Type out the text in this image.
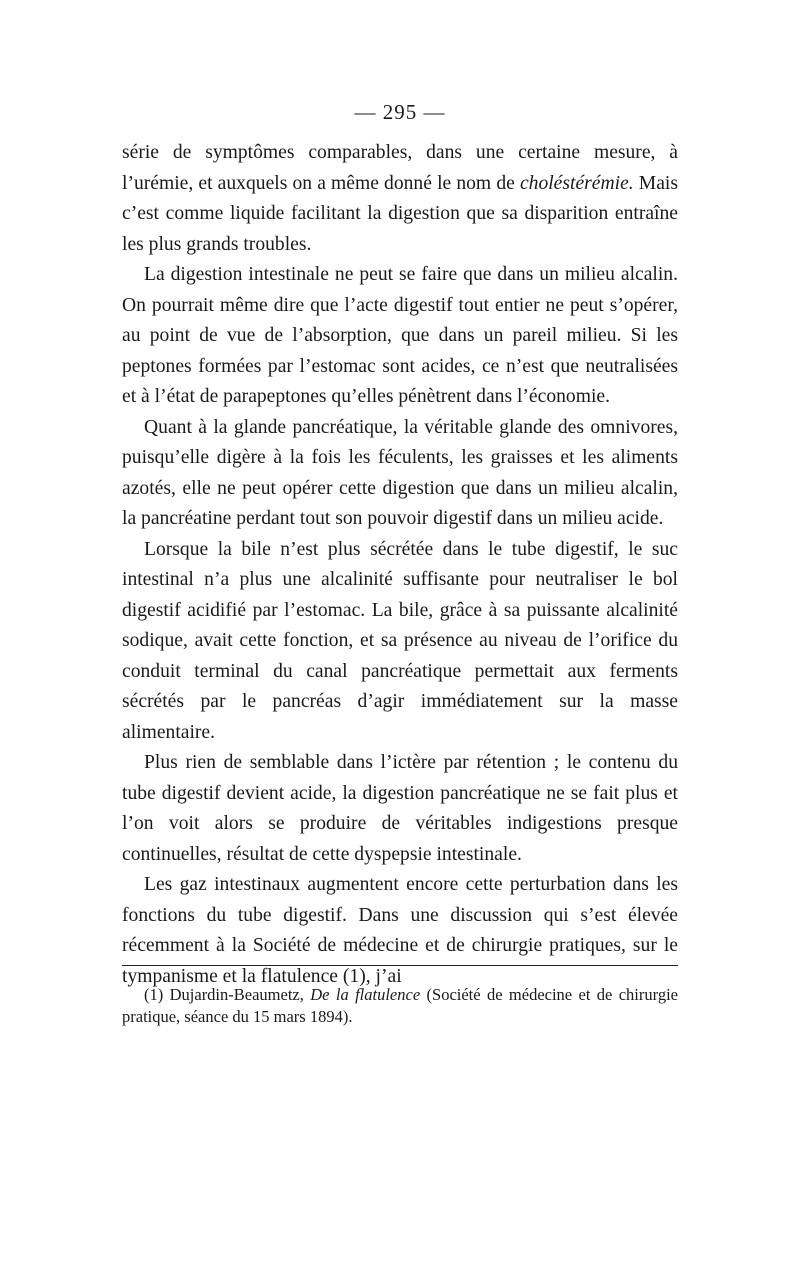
— 295 —

série de symptômes comparables, dans une certaine mesure, à l’urémie, et auxquels on a même donné le nom de choléstérémie. Mais c’est comme liquide facilitant la digestion que sa disparition entraîne les plus grands troubles.

La digestion intestinale ne peut se faire que dans un milieu alcalin. On pourrait même dire que l’acte digestif tout entier ne peut s’opérer, au point de vue de l’absorption, que dans un pareil milieu. Si les peptones formées par l’estomac sont acides, ce n’est que neutralisées et à l’état de parapeptones qu’elles pénètrent dans l’économie.

Quant à la glande pancréatique, la véritable glande des omnivores, puisqu’elle digère à la fois les féculents, les graisses et les aliments azotés, elle ne peut opérer cette digestion que dans un milieu alcalin, la pancréatine perdant tout son pouvoir digestif dans un milieu acide.

Lorsque la bile n’est plus sécrétée dans le tube digestif, le suc intestinal n’a plus une alcalinité suffisante pour neutraliser le bol digestif acidifié par l’estomac. La bile, grâce à sa puissante alcalinité sodique, avait cette fonction, et sa présence au niveau de l’orifice du conduit terminal du canal pancréatique permettait aux ferments sécrétés par le pancréas d’agir immédiatement sur la masse alimentaire.

Plus rien de semblable dans l’ictère par rétention ; le contenu du tube digestif devient acide, la digestion pancréatique ne se fait plus et l’on voit alors se produire de véritables indigestions presque continuelles, résultat de cette dyspepsie intestinale.

Les gaz intestinaux augmentent encore cette perturbation dans les fonctions du tube digestif. Dans une discussion qui s’est élevée récemment à la Société de médecine et de chirurgie pratiques, sur le tympanisme et la flatulence (1), j’ai

(1) Dujardin-Beaumetz, De la flatulence (Société de médecine et de chirurgie pratique, séance du 15 mars 1894).
